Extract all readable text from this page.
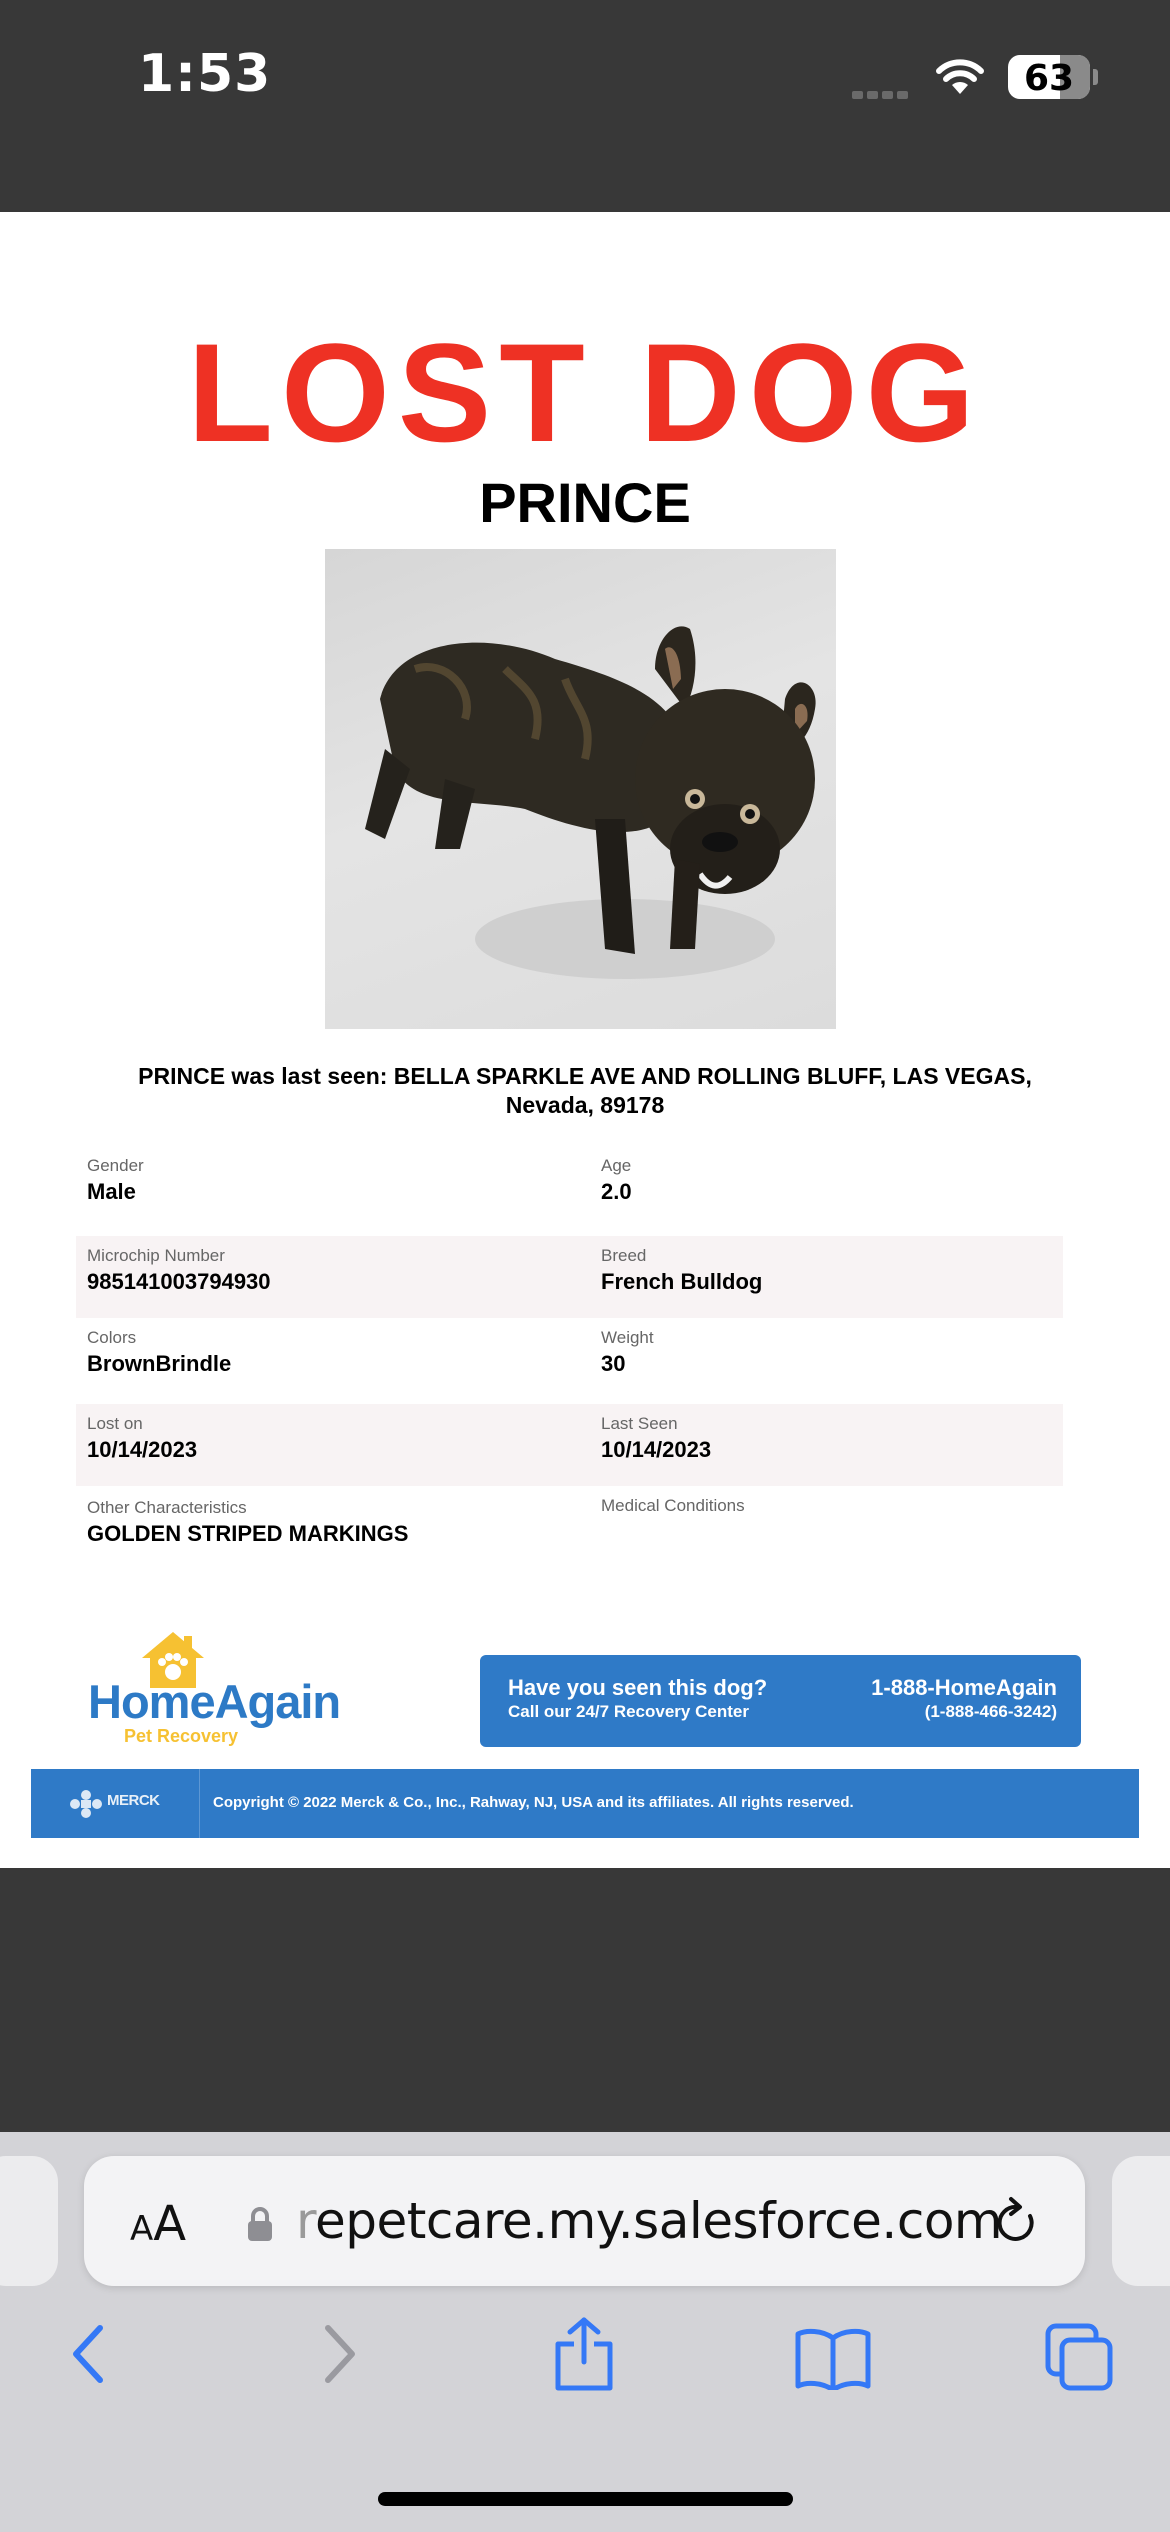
1:53	63
LOST DOG
PRINCE
PRINCE was last seen: BELLA SPARKLE AVE AND ROLLING BLUFF, LAS VEGAS,
Nevada, 89178
Gender
Male
Age
2.0
Microchip Number
985141003794930
Breed
French Bulldog
Colors
BrownBrindle
Weight
30
Lost on
10/14/2023
Last Seen
10/14/2023
Other Characteristics
GOLDEN STRIPED MARKINGS
Medical Conditions
HomeAgain
Pet Recovery
Have you seen this dog?
Call our 24/7 Recovery Center
1-888-HomeAgain
(1-888-466-3242)
MERCK	Copyright © 2022 Merck & Co., Inc., Rahway, NJ, USA and its affiliates. All rights reserved.
AA repetcare.my.salesforce.com
